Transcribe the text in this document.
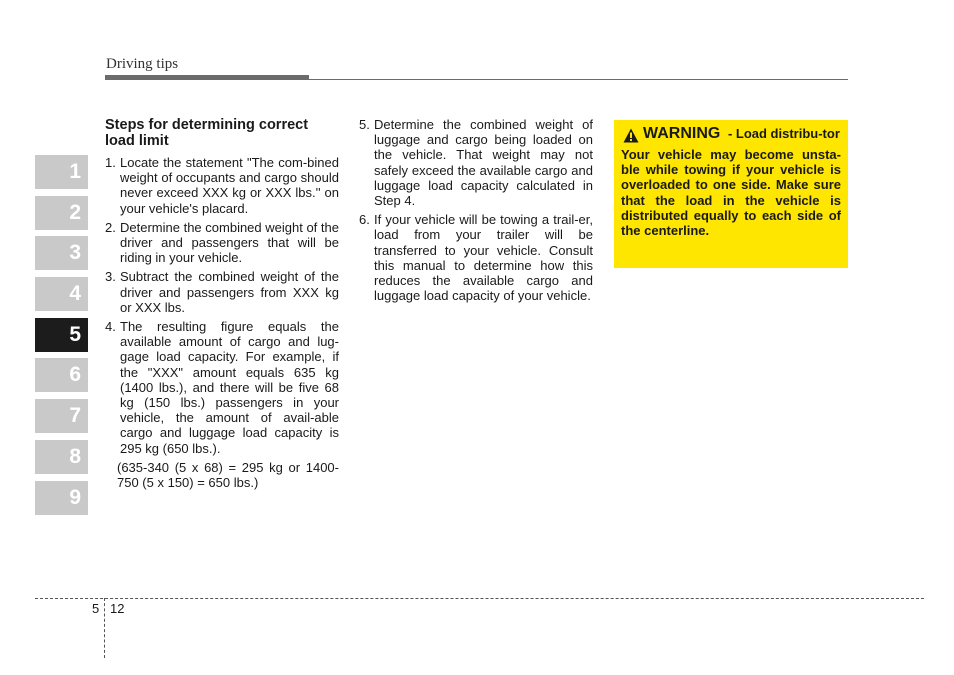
Driving tips
1
2
3
4
5
6
7
8
9
Steps for determining correct load limit
1. Locate the statement "The com-bined weight of occupants and cargo should never exceed XXX kg or XXX lbs.'' on your vehicle's placard.
2. Determine the combined weight of the driver and passengers that will be riding in your vehicle.
3. Subtract the combined weight of the driver and passengers from XXX kg or XXX lbs.
4. The resulting figure equals the available amount of cargo and lug-gage load capacity. For example, if the "XXX" amount equals 635 kg (1400 lbs.), and there will be five 68 kg (150 lbs.) passengers in your vehicle, the amount of avail-able cargo and luggage load capacity is 295 kg (650 lbs.).
(635-340 (5 x 68) = 295 kg or 1400-750 (5 x 150) = 650 lbs.)
5. Determine the combined weight of luggage and cargo being loaded on the vehicle. That weight may not safely exceed the available cargo and luggage load capacity calculated in Step 4.
6. If your vehicle will be towing a trail-er, load from your trailer will be transferred to your vehicle. Consult this manual to determine how this reduces the available cargo and luggage load capacity of your vehicle.
WARNING - Load distribu-tor
Your vehicle may become unsta-ble while towing if your vehicle is overloaded to one side. Make sure that the load in the vehicle is distributed equally to each side of the centerline.
5 12
